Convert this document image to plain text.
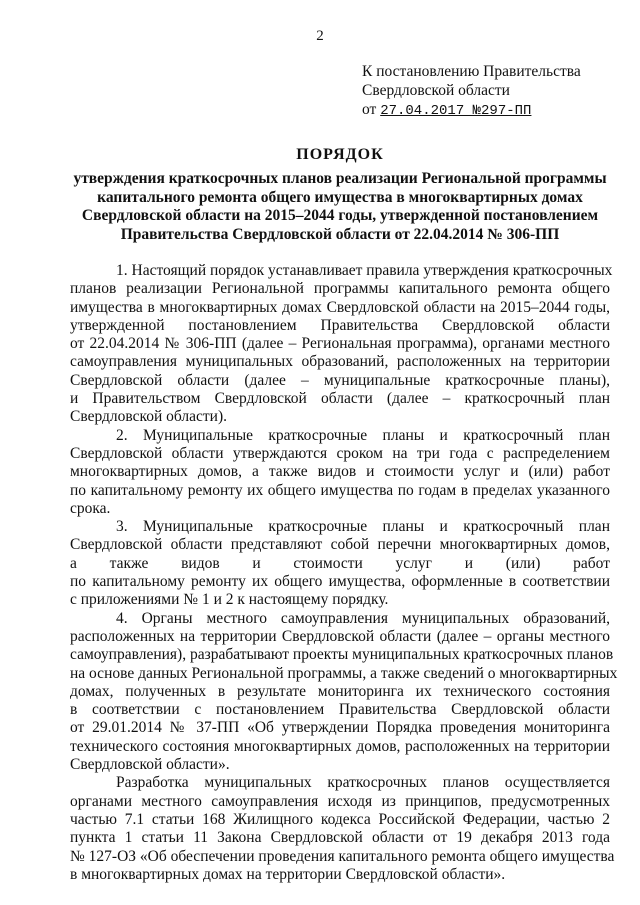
2
К постановлению Правительства
Свердловской области
от 27.04.2017 №297-ПП
ПОРЯДОК
утверждения краткосрочных планов реализации Региональной программы
капитального ремонта общего имущества в многоквартирных домах
Свердловской области на 2015–2044 годы, утвержденной постановлением
Правительства Свердловской области от 22.04.2014 № 306-ПП
1. Настоящий порядок устанавливает правила утверждения краткосрочных
планов реализации Региональной программы капитального ремонта общего
имущества в многоквартирных домах Свердловской области на 2015–2044 годы,
утвержденной постановлением Правительства Свердловской области
от 22.04.2014 № 306-ПП (далее – Региональная программа), органами местного
самоуправления муниципальных образований, расположенных на территории
Свердловской области (далее – муниципальные краткосрочные планы),
и Правительством Свердловской области (далее – краткосрочный план
Свердловской области).
2. Муниципальные краткосрочные планы и краткосрочный план
Свердловской области утверждаются сроком на три года с распределением
многоквартирных домов, а также видов и стоимости услуг и (или) работ
по капитальному ремонту их общего имущества по годам в пределах указанного
срока.
3. Муниципальные краткосрочные планы и краткосрочный план
Свердловской области представляют собой перечни многоквартирных домов,
а также видов и стоимости услуг и (или) работ
по капитальному ремонту их общего имущества, оформленные в соответствии
с приложениями № 1 и 2 к настоящему порядку.
4. Органы местного самоуправления муниципальных образований,
расположенных на территории Свердловской области (далее – органы местного
самоуправления), разрабатывают проекты муниципальных краткосрочных планов
на основе данных Региональной программы, а также сведений о многоквартирных
домах, полученных в результате мониторинга их технического состояния
в соответствии с постановлением Правительства Свердловской области
от 29.01.2014 № 37-ПП «Об утверждении Порядка проведения мониторинга
технического состояния многоквартирных домов, расположенных на территории
Свердловской области».
Разработка муниципальных краткосрочных планов осуществляется
органами местного самоуправления исходя из принципов, предусмотренных
частью 7.1 статьи 168 Жилищного кодекса Российской Федерации, частью 2
пункта 1 статьи 11 Закона Свердловской области от 19 декабря 2013 года
№ 127-ОЗ «Об обеспечении проведения капитального ремонта общего имущества
в многоквартирных домах на территории Свердловской области».
